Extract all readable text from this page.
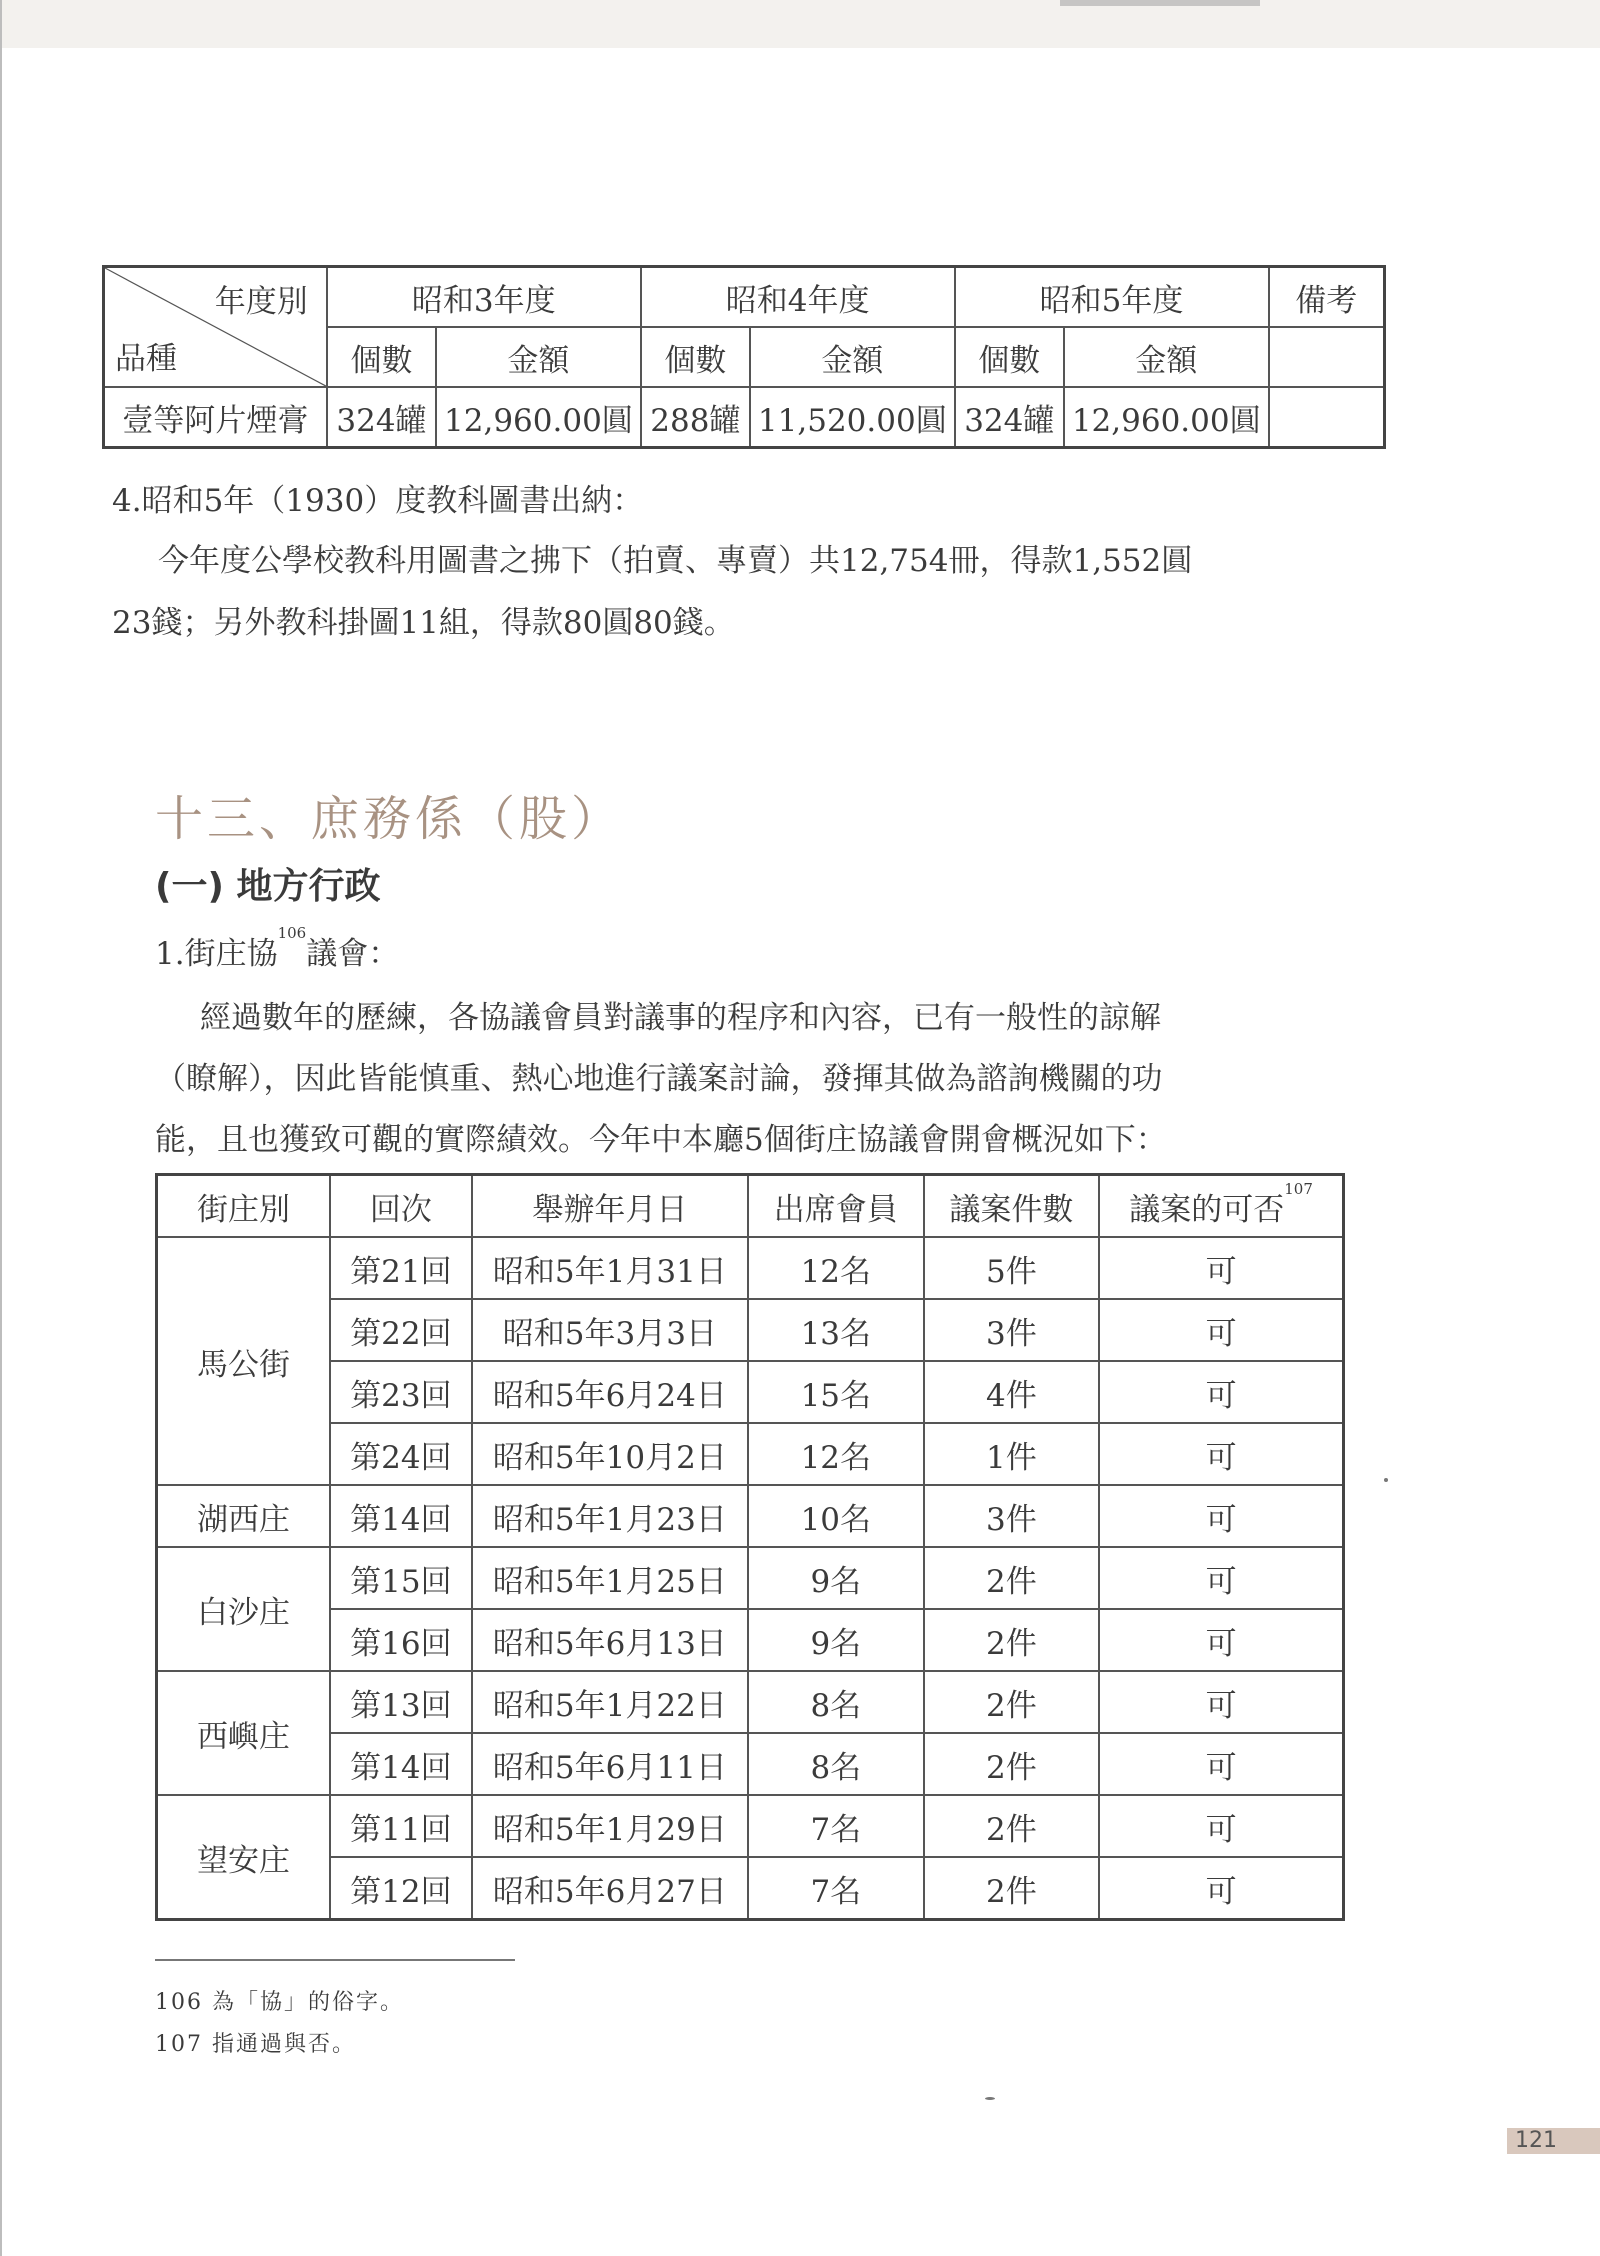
年度別
品種	昭和3年度		昭和4年度		昭和5年度		備考
	個數	金額	個數	金額	個數	金額	
壹等阿片煙膏	324罐	12,960.00圓	288罐	11,520.00圓	324罐	12,960.00圓	
4.昭和5年（1930）度教科圖書出納：
今年度公學校教科用圖書之拂下（拍賣、專賣）共12,754冊，得款1,552圓
23錢；另外教科掛圖11組，得款80圓80錢。
十三、庶務係（股）
(一) 地方行政
1.街庄協$^{106}$議會：
經過數年的歷練，各協議會員對議事的程序和內容，已有一般性的諒解
（瞭解），因此皆能慎重、熱心地進行議案討論，發揮其做為諮詢機關的功
能，且也獲致可觀的實際績效。今年中本廳5個街庄協議會開會概況如下：
街庄別	回次	舉辦年月日	出席會員	議案件數	議案的可否$^{107}$
馬公街	第21回	昭和5年1月31日	12名	5件	可
	第22回	昭和5年3月3日	13名	3件	可
	第23回	昭和5年6月24日	15名	4件	可
	第24回	昭和5年10月2日	12名	1件	可
湖西庄	第14回	昭和5年1月23日	10名	3件	可
白沙庄	第15回	昭和5年1月25日	9名	2件	可
	第16回	昭和5年6月13日	9名	2件	可
西嶼庄	第13回	昭和5年1月22日	8名	2件	可
	第14回	昭和5年6月11日	8名	2件	可
望安庄	第11回	昭和5年1月29日	7名	2件	可
	第12回	昭和5年6月27日	7名	2件	可
106 為「協」的俗字。
107 指通過與否。
121
